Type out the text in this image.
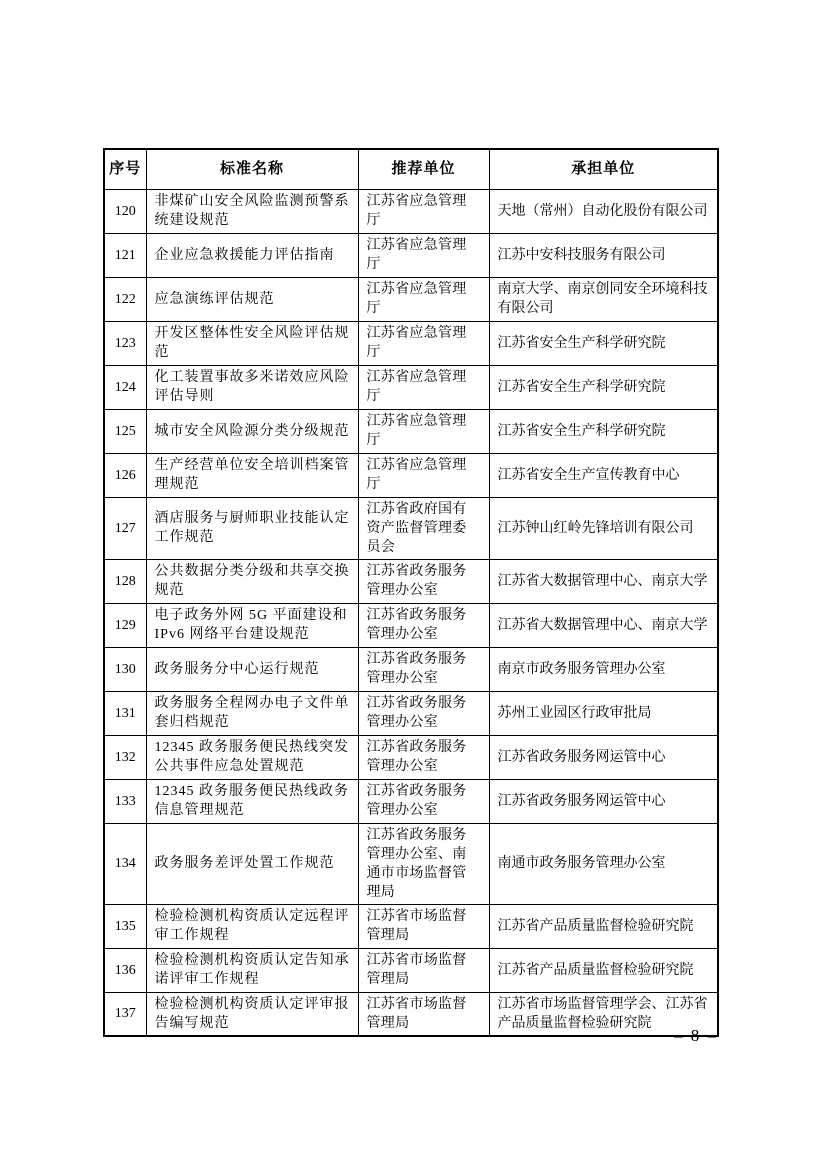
序号	标准名称	推荐单位	承担单位
120	非煤矿山安全风险监测预警系统建设规范	江苏省应急管理厅	天地（常州）自动化股份有限公司
121	企业应急救援能力评估指南	江苏省应急管理厅	江苏中安科技服务有限公司
122	应急演练评估规范	江苏省应急管理厅	南京大学、南京创同安全环境科技有限公司
123	开发区整体性安全风险评估规范	江苏省应急管理厅	江苏省安全生产科学研究院
124	化工装置事故多米诺效应风险评估导则	江苏省应急管理厅	江苏省安全生产科学研究院
125	城市安全风险源分类分级规范	江苏省应急管理厅	江苏省安全生产科学研究院
126	生产经营单位安全培训档案管理规范	江苏省应急管理厅	江苏省安全生产宣传教育中心
127	酒店服务与厨师职业技能认定工作规范	江苏省政府国有资产监督管理委员会	江苏钟山红岭先锋培训有限公司
128	公共数据分类分级和共享交换规范	江苏省政务服务管理办公室	江苏省大数据管理中心、南京大学
129	电子政务外网 5G 平面建设和 IPv6 网络平台建设规范	江苏省政务服务管理办公室	江苏省大数据管理中心、南京大学
130	政务服务分中心运行规范	江苏省政务服务管理办公室	南京市政务服务管理办公室
131	政务服务全程网办电子文件单套归档规范	江苏省政务服务管理办公室	苏州工业园区行政审批局
132	12345 政务服务便民热线突发公共事件应急处置规范	江苏省政务服务管理办公室	江苏省政务服务网运管中心
133	12345 政务服务便民热线政务信息管理规范	江苏省政务服务管理办公室	江苏省政务服务网运管中心
134	政务服务差评处置工作规范	江苏省政务服务管理办公室、南通市市场监督管理局	南通市政务服务管理办公室
135	检验检测机构资质认定远程评审工作规程	江苏省市场监督管理局	江苏省产品质量监督检验研究院
136	检验检测机构资质认定告知承诺评审工作规程	江苏省市场监督管理局	江苏省产品质量监督检验研究院
137	检验检测机构资质认定评审报告编写规范	江苏省市场监督管理局	江苏省市场监督管理学会、江苏省产品质量监督检验研究院
– 8 –
